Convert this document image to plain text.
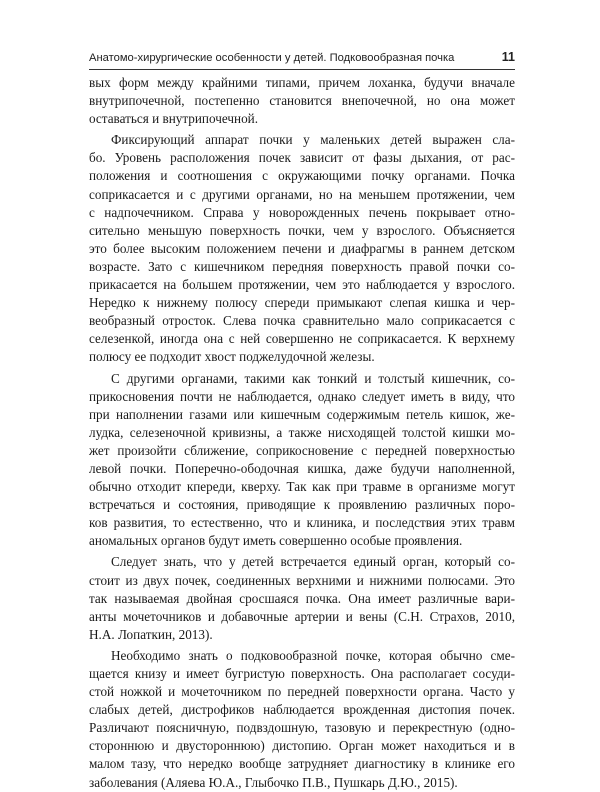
Анатомо-хирургические особенности у детей. Подковообразная почка	11
вых форм между крайними типами, причем лоханка, будучи вначале
внутрипочечной, постепенно становится внепочечной, но она может
оставаться и внутрипочечной.
Фиксирующий аппарат почки у маленьких детей выражен сла-
бо. Уровень расположения почек зависит от фазы дыхания, от рас-
положения и соотношения с окружающими почку органами. Почка
соприкасается и с другими органами, но на меньшем протяжении, чем
с надпочечником. Справа у новорожденных печень покрывает отно-
сительно меньшую поверхность почки, чем у взрослого. Объясняется
это более высоким положением печени и диафрагмы в раннем детском
возрасте. Зато с кишечником передняя поверхность правой почки со-
прикасается на большем протяжении, чем это наблюдается у взрослого.
Нередко к нижнему полюсу спереди примыкают слепая кишка и чер-
веобразный отросток. Слева почка сравнительно мало соприкасается с
селезенкой, иногда она с ней совершенно не соприкасается. К верхнему
полюсу ее подходит хвост поджелудочной железы.
С другими органами, такими как тонкий и толстый кишечник, со-
прикосновения почти не наблюдается, однако следует иметь в виду, что
при наполнении газами или кишечным содержимым петель кишок, же-
лудка, селезеночной кривизны, а также нисходящей толстой кишки мо-
жет произойти сближение, соприкосновение с передней поверхностью
левой почки. Поперечно-ободочная кишка, даже будучи наполненной,
обычно отходит кпереди, кверху. Так как при травме в организме могут
встречаться и состояния, приводящие к проявлению различных поро-
ков развития, то естественно, что и клиника, и последствия этих травм
аномальных органов будут иметь совершенно особые проявления.
Следует знать, что у детей встречается единый орган, который со-
стоит из двух почек, соединенных верхними и нижними полюсами. Это
так называемая двойная сросшаяся почка. Она имеет различные вари-
анты мочеточников и добавочные артерии и вены (С.Н. Страхов, 2010,
Н.А. Лопаткин, 2013).
Необходимо знать о подковообразной почке, которая обычно сме-
щается книзу и имеет бугристую поверхность. Она располагает сосуди-
стой ножкой и мочеточником по передней поверхности органа. Часто у
слабых детей, дистрофиков наблюдается врожденная дистопия почек.
Различают поясничную, подвздошную, тазовую и перекрестную (одно-
стороннюю и двустороннюю) дистопию. Орган может находиться и в
малом тазу, что нередко вообще затрудняет диагностику в клинике его
заболевания (Аляева Ю.А., Глыбочко П.В., Пушкарь Д.Ю., 2015).
